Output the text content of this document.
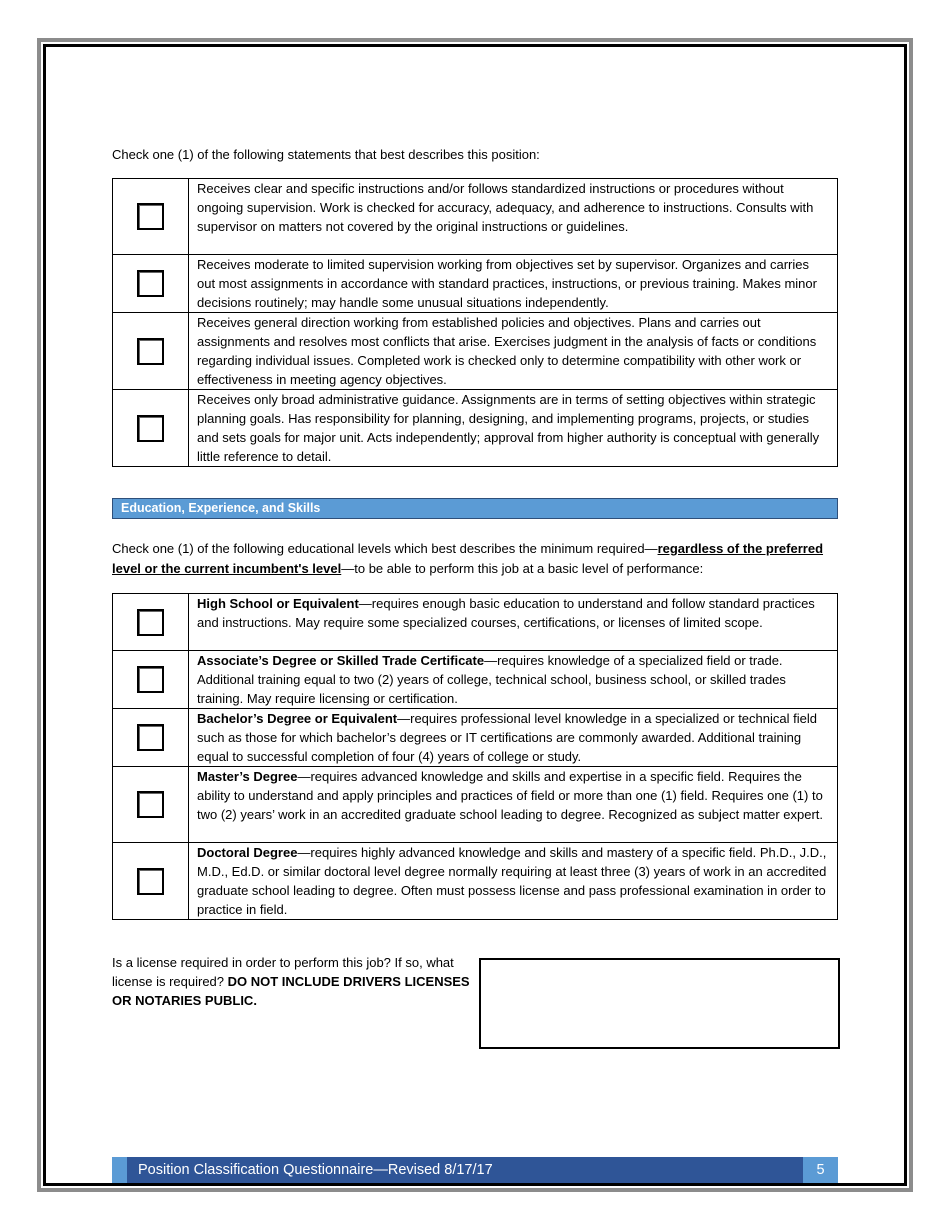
Check one (1) of the following statements that best describes this position:

	Receives clear and specific instructions and/or follows standardized instructions or procedures without ongoing supervision. Work is checked for accuracy, adequacy, and adherence to instructions. Consults with supervisor on matters not covered by the original instructions or guidelines.
	Receives moderate to limited supervision working from objectives set by supervisor. Organizes and carries out most assignments in accordance with standard practices, instructions, or previous training. Makes minor decisions routinely; may handle some unusual situations independently.
	Receives general direction working from established policies and objectives. Plans and carries out assignments and resolves most conflicts that arise. Exercises judgment in the analysis of facts or conditions regarding individual issues. Completed work is checked only to determine compatibility with other work or effectiveness in meeting agency objectives.
	Receives only broad administrative guidance. Assignments are in terms of setting objectives within strategic planning goals. Has responsibility for planning, designing, and implementing programs, projects, or studies and sets goals for major unit. Acts independently; approval from higher authority is conceptual with generally little reference to detail.
Education, Experience, and Skills

Check one (1) of the following educational levels which best describes the minimum required—regardless of the preferred level or the current incumbent's level—to be able to perform this job at a basic level of performance:

	High School or Equivalent—requires enough basic education to understand and follow standard practices and instructions. May require some specialized courses, certifications, or licenses of limited scope.
	Associate’s Degree or Skilled Trade Certificate—requires knowledge of a specialized field or trade. Additional training equal to two (2) years of college, technical school, business school, or skilled trades training. May require licensing or certification.
	Bachelor’s Degree or Equivalent—requires professional level knowledge in a specialized or technical field such as those for which bachelor’s degrees or IT certifications are commonly awarded. Additional training equal to successful completion of four (4) years of college or study.
	Master’s Degree—requires advanced knowledge and skills and expertise in a specific field. Requires the ability to understand and apply principles and practices of field or more than one (1) field. Requires one (1) to two (2) years’ work in an accredited graduate school leading to degree. Recognized as subject matter expert.
	Doctoral Degree—requires highly advanced knowledge and skills and mastery of a specific field. Ph.D., J.D., M.D., Ed.D. or similar doctoral level degree normally requiring at least three (3) years of work in an accredited graduate school leading to degree. Often must possess license and pass professional examination in order to practice in field.

Is a license required in order to perform this job? If so, what license is required? DO NOT INCLUDE DRIVERS LICENSES OR NOTARIES PUBLIC.

Position Classification Questionnaire—Revised 8/17/17	5
